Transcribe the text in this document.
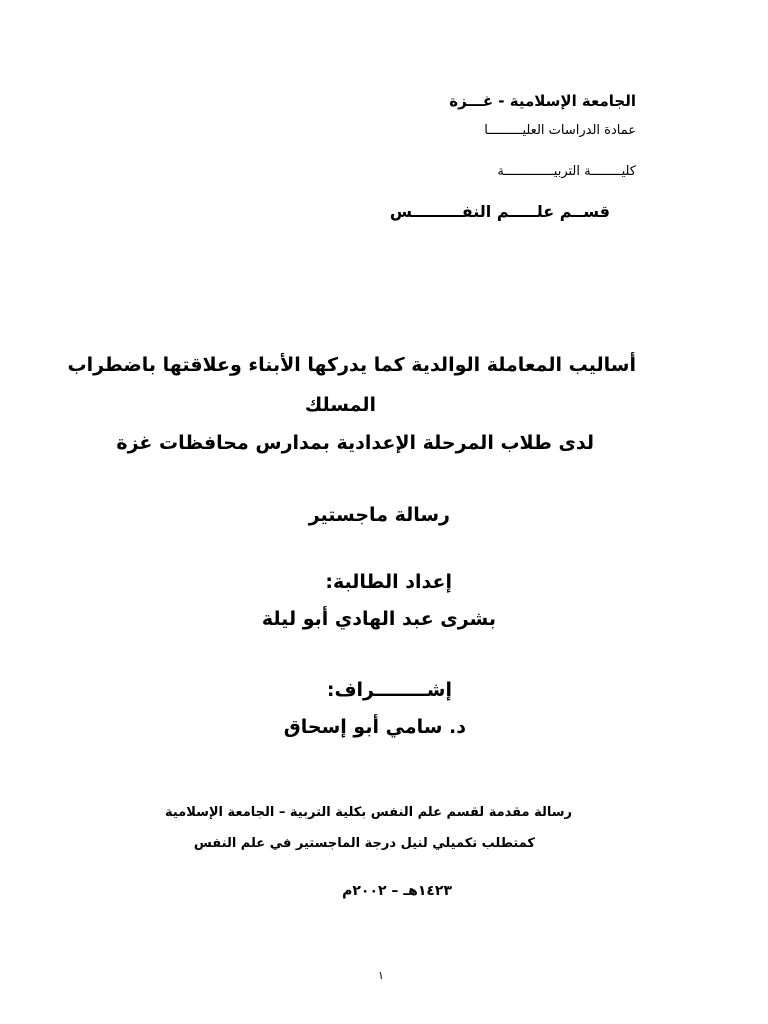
الجامعة الإسلامية - غـــزة
عمادة الدراسات العليـــــــــا
كليــــــــة التربيـــــــــــــة
قســم علـــــم النفـــــــــس
أساليب المعاملة الوالدية كما يدركها الأبناء وعلاقتها باضطراب
المسلك
لدى طلاب المرحلة الإعدادية بمدارس محافظات غزة
رسالة ماجستير
إعداد الطالبة:
بشرى عبد الهادي أبو ليلة
إشــــــــراف:
د. سامي أبو إسحاق
رسالة مقدمة لقسم علم النفس بكلية التربية – الجامعة الإسلامية
كمتطلب تكميلي لنيل درجة الماجستير في علم النفس
١٤٢٣هـ – ٢٠٠٢م
١
